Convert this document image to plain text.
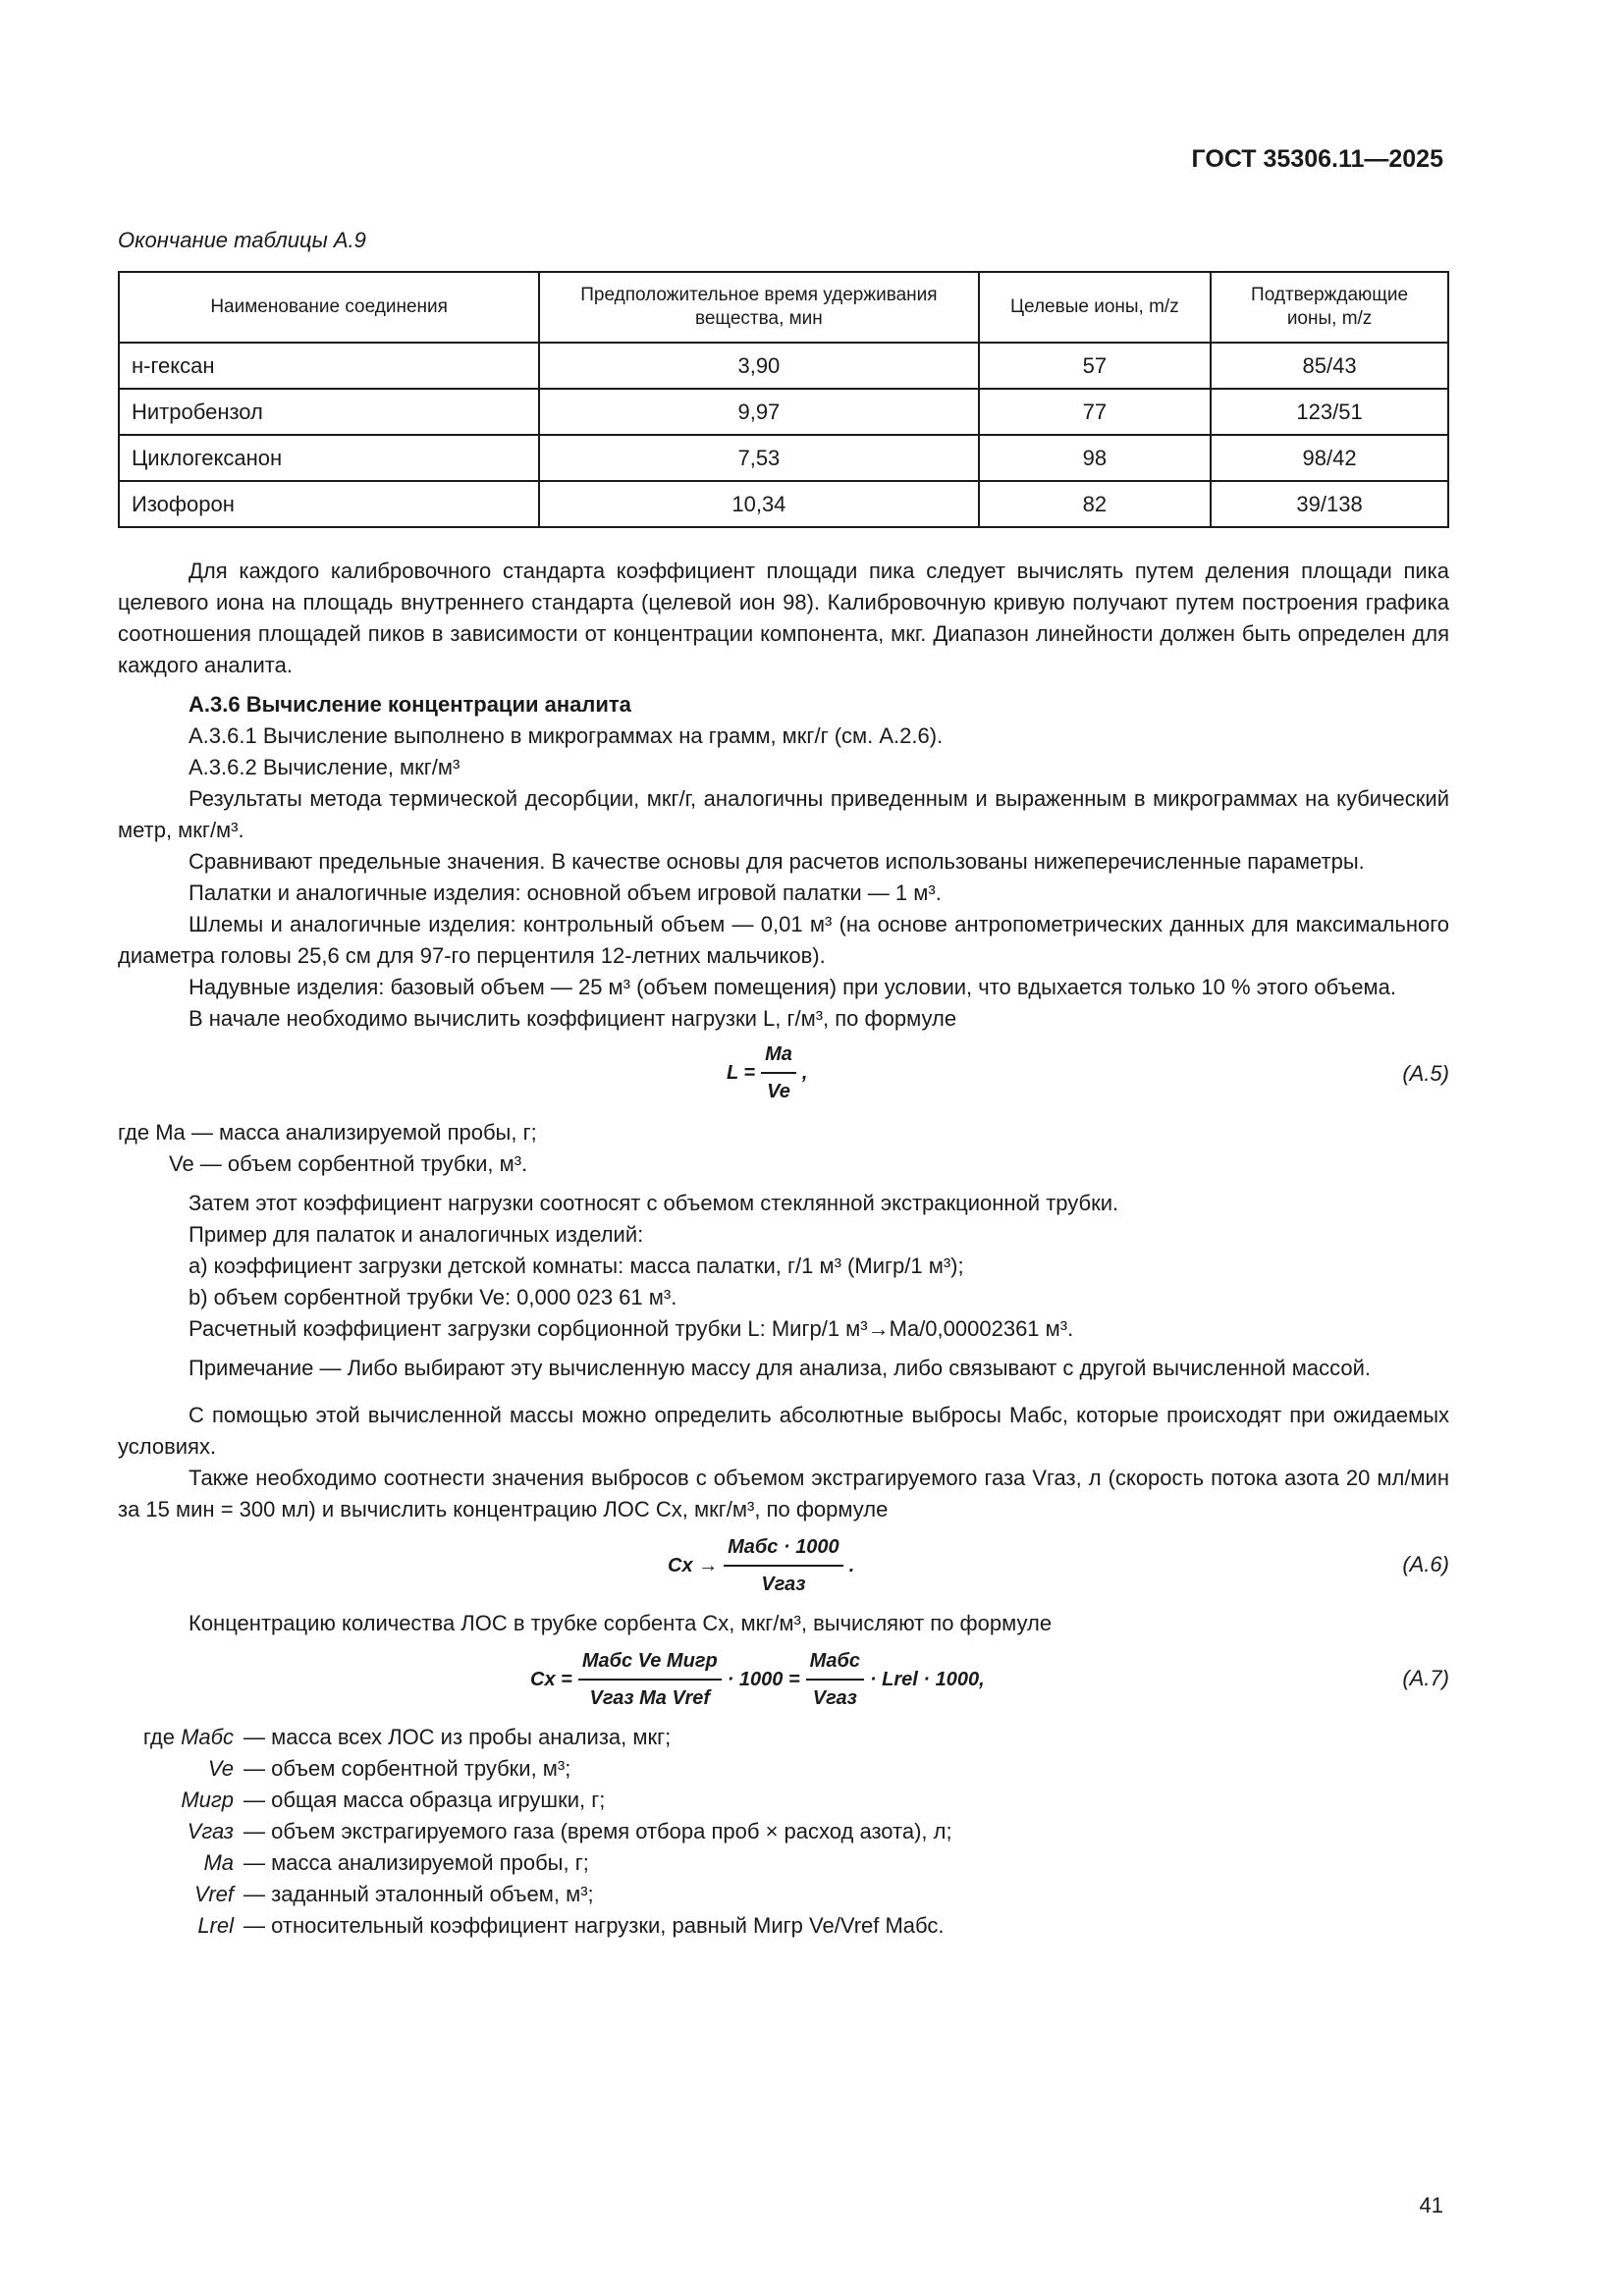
ГОСТ 35306.11—2025
Окончание таблицы А.9
Наименование соединения	Предположительное время удерживания вещества, мин	Целевые ионы, m/z	Подтверждающие ионы, m/z
н-гексан	3,90	57	85/43
Нитробензол	9,97	77	123/51
Циклогексанон	7,53	98	98/42
Изофорон	10,34	82	39/138

Для каждого калибровочного стандарта коэффициент площади пика следует вычислять путем деления площади пика целевого иона на площадь внутреннего стандарта (целевой ион 98). Калибровочную кривую получают путем построения графика соотношения площадей пиков в зависимости от концентрации компонента, мкг. Диапазон линейности должен быть определен для каждого аналита.

А.3.6 Вычисление концентрации аналита

А.3.6.1 Вычисление выполнено в микрограммах на грамм, мкг/г (см. А.2.6).

А.3.6.2 Вычисление, мкг/м³

Результаты метода термической десорбции, мкг/г, аналогичны приведенным и выраженным в микрограммах на кубический метр, мкг/м³.

Сравнивают предельные значения. В качестве основы для расчетов использованы нижеперечисленные параметры.

Палатки и аналогичные изделия: основной объем игровой палатки — 1 м³.

Шлемы и аналогичные изделия: контрольный объем — 0,01 м³ (на основе антропометрических данных для максимального диаметра головы 25,6 см для 97-го перцентиля 12-летних мальчиков).

Надувные изделия: базовый объем — 25 м³ (объем помещения) при условии, что вдыхается только 10 % этого объема.

В начале необходимо вычислить коэффициент нагрузки L, г/м³, по формуле

$L = \frac{Ma}{Ve}$ ,	(А.5)

где Ma — масса анализируемой пробы, г;

Ve — объем сорбентной трубки, м³.

Затем этот коэффициент нагрузки соотносят с объемом стеклянной экстракционной трубки.

Пример для палаток и аналогичных изделий:

a) коэффициент загрузки детской комнаты: масса палатки, г/1 м³ (Mигр/1 м³);

b) объем сорбентной трубки Ve: 0,000 023 61 м³.

Расчетный коэффициент загрузки сорбционной трубки L: Mигр/1 м³→Ma/0,00002361 м³.

Примечание — Либо выбирают эту вычисленную массу для анализа, либо связывают с другой вычисленной массой.

С помощью этой вычисленной массы можно определить абсолютные выбросы Mабс, которые происходят при ожидаемых условиях.

Также необходимо соотнести значения выбросов с объемом экстрагируемого газа Vгаз, л (скорость потока азота 20 мл/мин за 15 мин = 300 мл) и вычислить концентрацию ЛОС Cx, мкг/м³, по формуле

$Cx \to \frac{\text{Mабс · 1000}}{\text{Vгаз}}$ .	(А.6)

Концентрацию количества ЛОС в трубке сорбента Cx, мкг/м³, вычисляют по формуле

$Cx = \frac{\text{Mабс Ve Mигр}}{\text{Vгаз Ma Vref}} \cdot 1000 = \frac{\text{Mабс}}{\text{Vгаз}}$ · Lrel · 1000,	(А.7)
где Mабс — масса всех ЛОС из пробы анализа, мкг;
Ve — объем сорбентной трубки, м³;
Mигр — общая масса образца игрушки, г;
Vгаз — объем экстрагируемого газа (время отбора проб × расход азота), л;
Ma — масса анализируемой пробы, г;
Vref — заданный эталонный объем, м³;
Lrel — относительный коэффициент нагрузки, равный Mигр Ve/Vref Mабс.
41
